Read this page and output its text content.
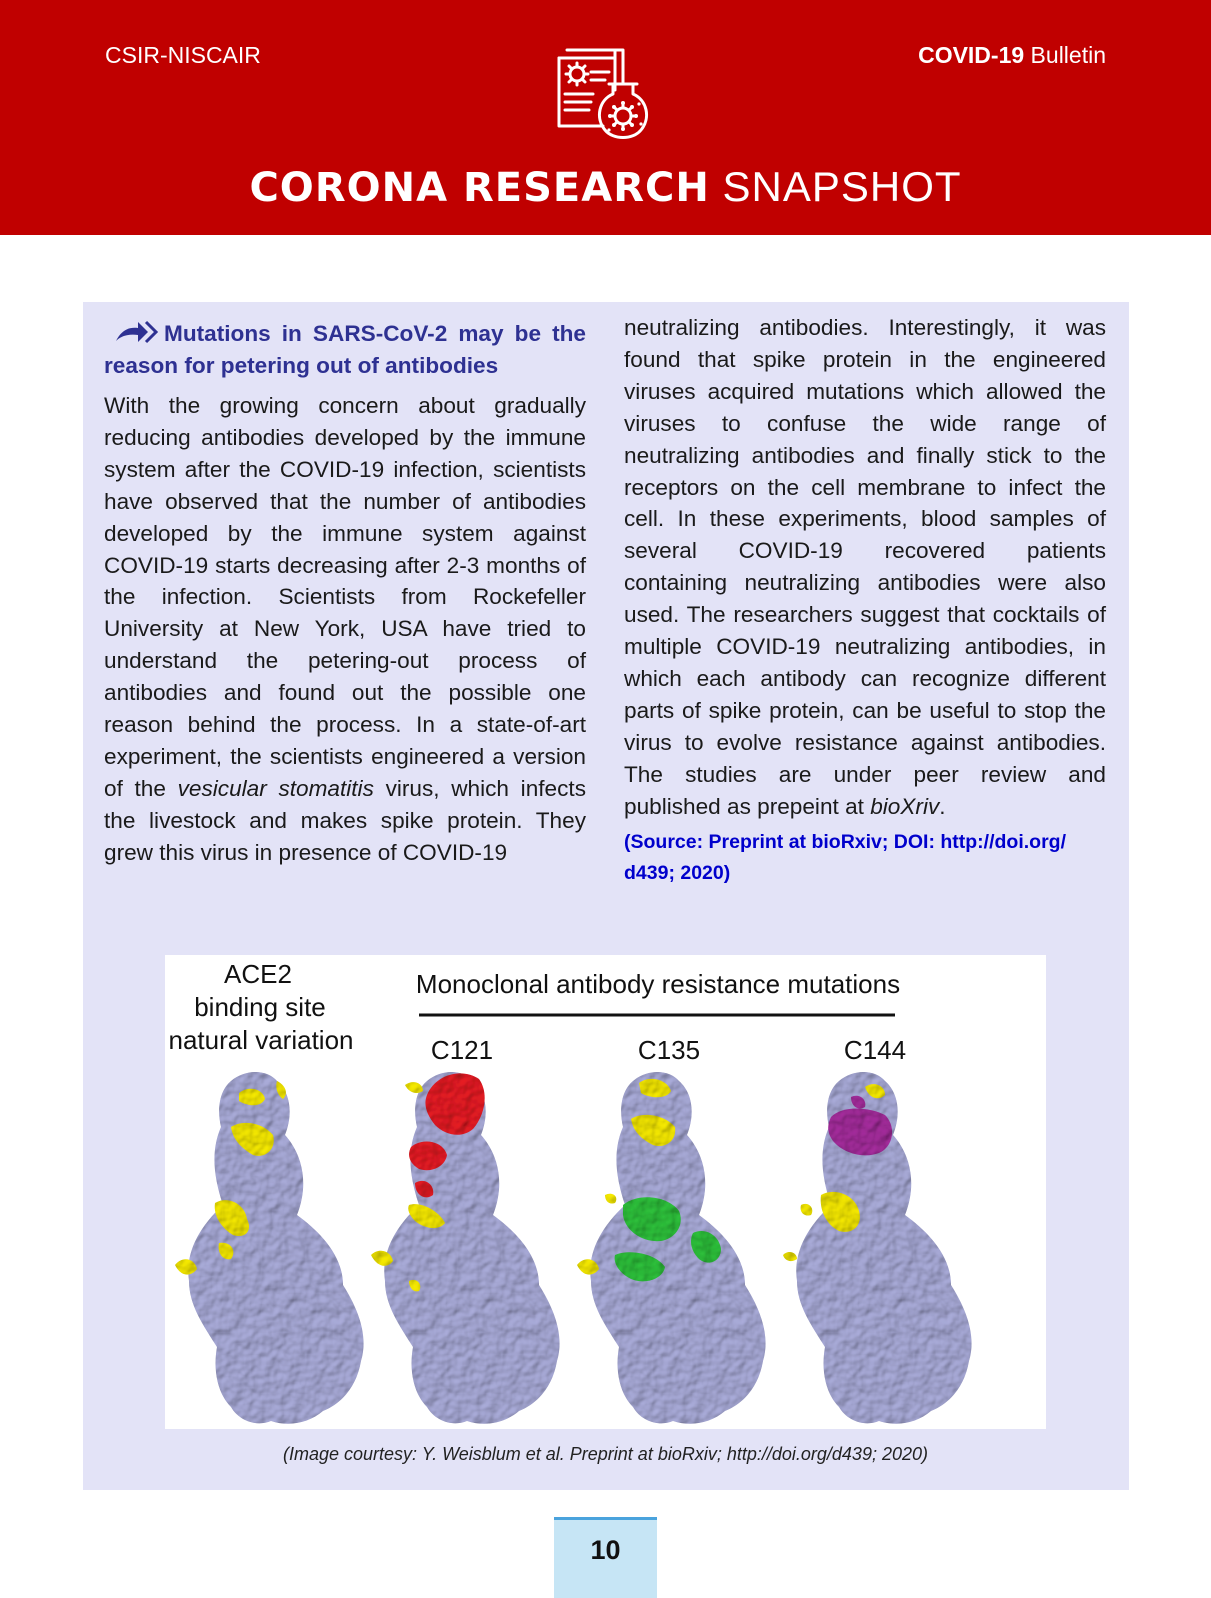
CSIR-NISCAIR	COVID-19 Bulletin
CORONA RESEARCH SNAPSHOT
Mutations in SARS-CoV-2 may be the reason for petering out of antibodies

With the growing concern about gradually reducing antibodies developed by the immune system after the COVID-19 infection, scientists have observed that the number of antibodies developed by the immune system against COVID-19 starts decreasing after 2-3 months of the infection. Scientists from Rockefeller University at New York, USA have tried to understand the petering-out process of antibodies and found out the possible one reason behind the process. In a state-of-art experiment, the scientists engineered a version of the vesicular stomatitis virus, which infects the livestock and makes spike protein. They grew this virus in presence of COVID-19

neutralizing antibodies. Interestingly, it was found that spike protein in the engineered viruses acquired mutations which allowed the viruses to confuse the wide range of neutralizing antibodies and finally stick to the receptors on the cell membrane to infect the cell. In these experiments, blood samples of several COVID-19 recovered patients containing neutralizing antibodies were also used. The researchers suggest that cocktails of multiple COVID-19 neutralizing antibodies, in which each antibody can recognize different parts of spike protein, can be useful to stop the virus to evolve resistance against antibodies. The studies are under peer review and published as prepeint at bioXriv.

(Source: Preprint at bioRxiv; DOI: http://doi.org/ d439; 2020)
ACE2
binding site
natural variation
Monoclonal antibody resistance mutations
C121	C135	C144
(Image courtesy: Y. Weisblum et al. Preprint at bioRxiv; http://doi.org/d439; 2020)
10
